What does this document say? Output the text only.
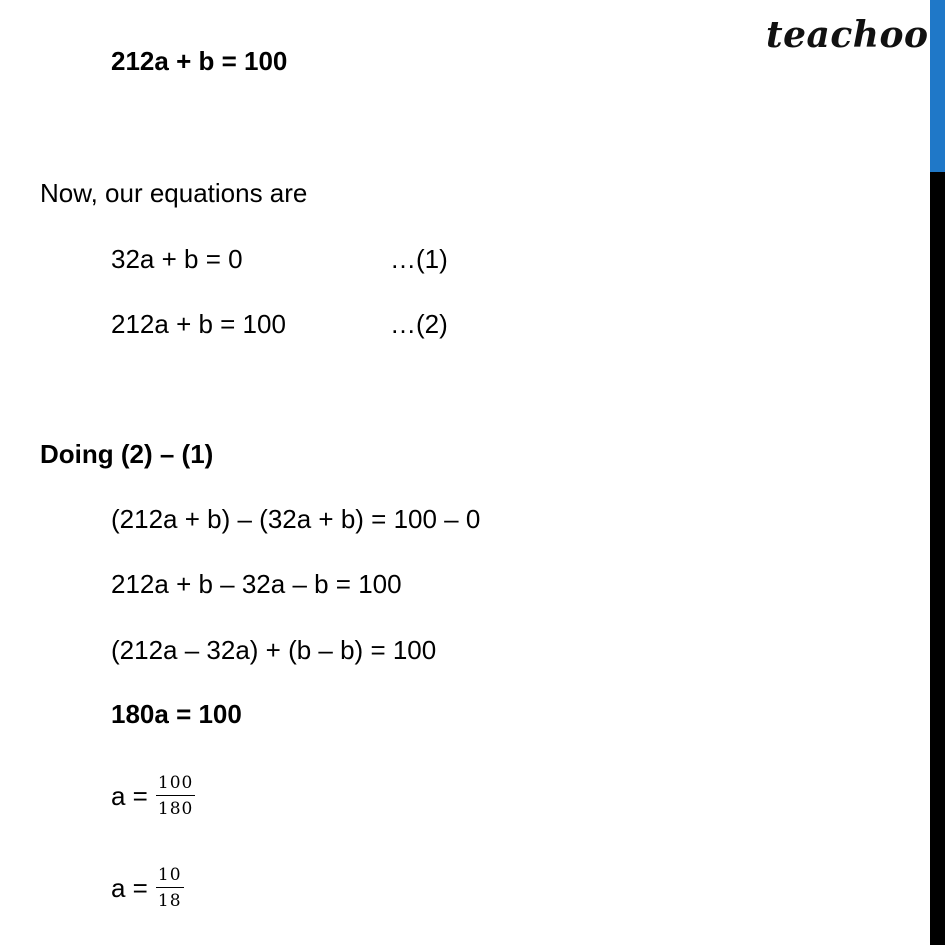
teachoo
212a + b = 100
Now, our equations are
32a + b = 0	…(1)
212a + b = 100	…(2)
Doing (2) – (1)
(212a + b) – (32a + b) = 100 – 0
212a + b – 32a – b = 100
(212a – 32a) + (b – b) = 100
180a = 100
$a = \frac{100}{180}$
$a = \frac{10}{18}$
